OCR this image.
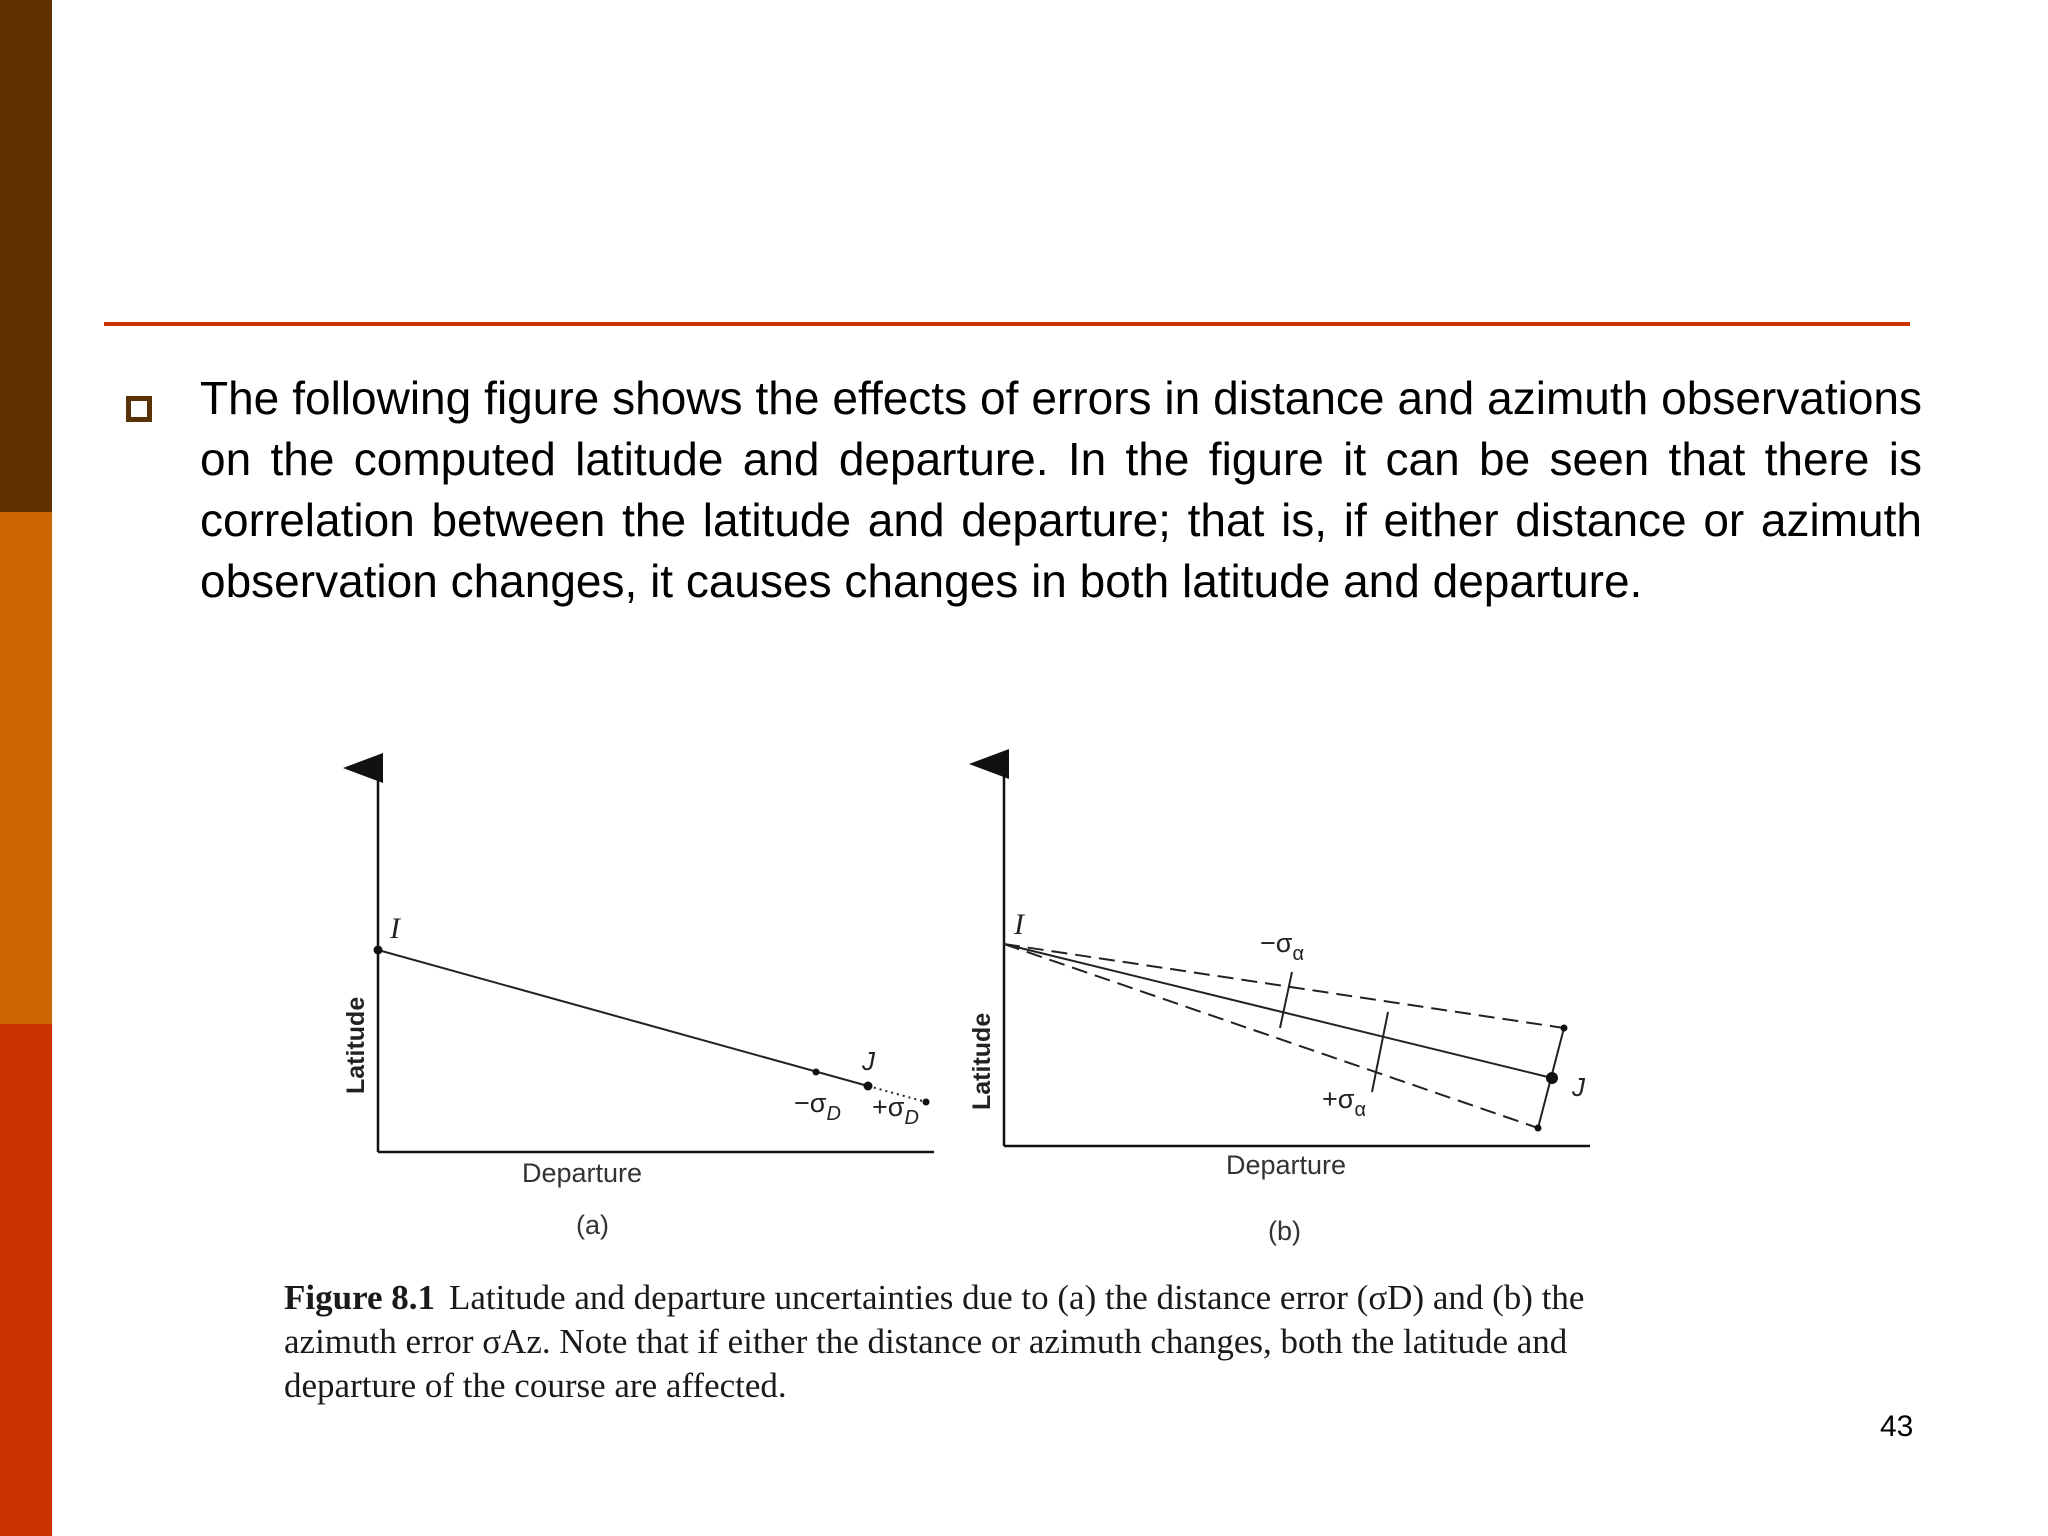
The following figure shows the effects of errors in distance and azimuth observations on the computed latitude and departure. In the figure it can be seen that there is correlation between the latitude and departure; that is, if either distance or azimuth observation changes, it causes changes in both latitude and departure.

I
J
$-\sigma_D +\sigma_D$
Latitude
Departure
(a)
I
J
$-\sigma_\alpha$
$+\sigma_\alpha$
Latitude
Departure
(b)

Figure 8.1 Latitude and departure uncertainties due to (a) the distance error (σD) and (b) the azimuth error σAz. Note that if either the distance or azimuth changes, both the latitude and departure of the course are affected.

43
